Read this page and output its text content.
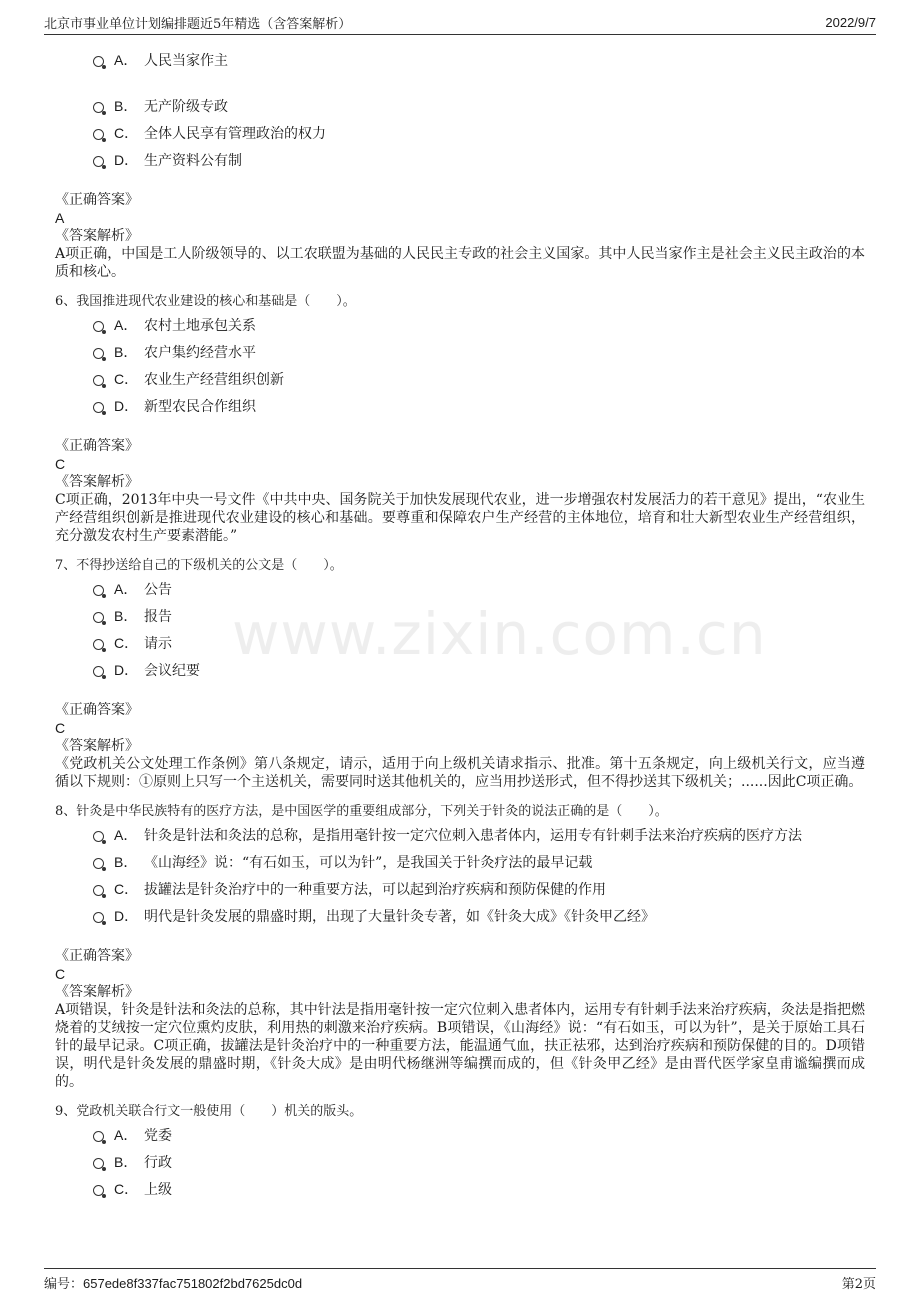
北京市事业单位计划编排题近5年精选（含答案解析）	2022/9/7
www.zixin.com.cn
A． 人民当家作主
B． 无产阶级专政
C． 全体人民享有管理政治的权力
D． 生产资料公有制
《正确答案》
A
《答案解析》
A项正确，中国是工人阶级领导的、以工农联盟为基础的人民民主专政的社会主义国家。其中人民当家作主是社会主义民主政治的本质和核心。
6、我国推进现代农业建设的核心和基础是（　　）。
A． 农村土地承包关系
B． 农户集约经营水平
C． 农业生产经营组织创新
D． 新型农民合作组织
《正确答案》
C
《答案解析》
C项正确，2013年中央一号文件《中共中央、国务院关于加快发展现代农业，进一步增强农村发展活力的若干意见》提出，“农业生产经营组织创新是推进现代农业建设的核心和基础。要尊重和保障农户生产经营的主体地位，培育和壮大新型农业生产经营组织，充分激发农村生产要素潜能。”
7、不得抄送给自己的下级机关的公文是（　　）。
A． 公告
B． 报告
C． 请示
D． 会议纪要
《正确答案》
C
《答案解析》
《党政机关公文处理工作条例》第八条规定，请示，适用于向上级机关请求指示、批准。第十五条规定，向上级机关行文，应当遵循以下规则：①原则上只写一个主送机关，需要同时送其他机关的，应当用抄送形式，但不得抄送其下级机关；......因此C项正确。
8、针灸是中华民族特有的医疗方法，是中国医学的重要组成部分，下列关于针灸的说法正确的是（　　）。
A． 针灸是针法和灸法的总称，是指用毫针按一定穴位刺入患者体内，运用专有针刺手法来治疗疾病的医疗方法
B． 《山海经》说：“有石如玉，可以为针”，是我国关于针灸疗法的最早记载
C． 拔罐法是针灸治疗中的一种重要方法，可以起到治疗疾病和预防保健的作用
D． 明代是针灸发展的鼎盛时期，出现了大量针灸专著，如《针灸大成》《针灸甲乙经》
《正确答案》
C
《答案解析》
A项错误，针灸是针法和灸法的总称，其中针法是指用毫针按一定穴位刺入患者体内，运用专有针刺手法来治疗疾病，灸法是指把燃烧着的艾绒按一定穴位熏灼皮肤，利用热的刺激来治疗疾病。B项错误，《山海经》说：“有石如玉，可以为针”，是关于原始工具石针的最早记录。C项正确，拔罐法是针灸治疗中的一种重要方法，能温通气血，扶正祛邪，达到治疗疾病和预防保健的目的。D项错误，明代是针灸发展的鼎盛时期，《针灸大成》是由明代杨继洲等编撰而成的，但《针灸甲乙经》是由晋代医学家皇甫谧编撰而成的。
9、党政机关联合行文一般使用（　　）机关的版头。
A． 党委
B． 行政
C． 上级
编号：657ede8f337fac751802f2bd7625dc0d	第2页
